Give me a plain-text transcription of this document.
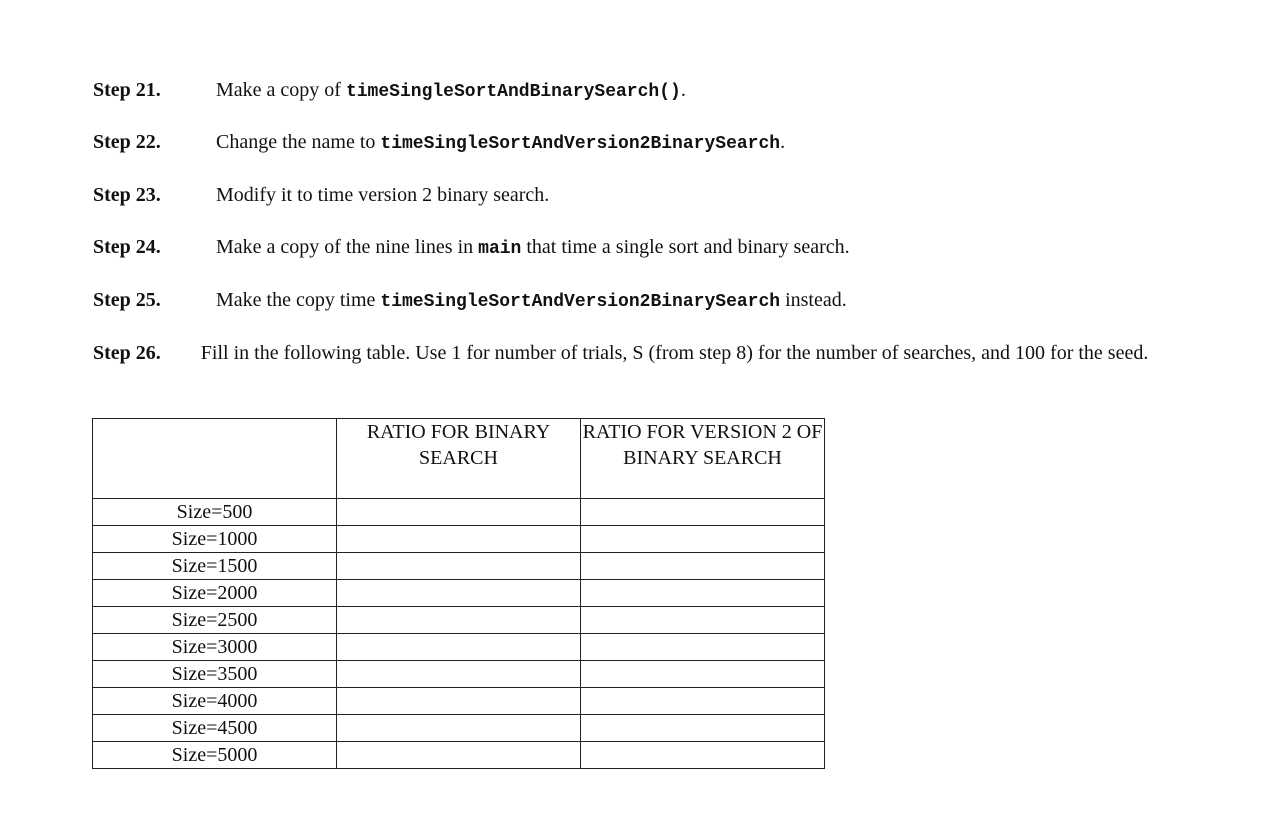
Step 21.	Make a copy of timeSingleSortAndBinarySearch().
Step 22.	Change the name to timeSingleSortAndVersion2BinarySearch.
Step 23.	Modify it to time version 2 binary search.
Step 24.	Make a copy of the nine lines in main that time a single sort and binary search.
Step 25.	Make the copy time timeSingleSortAndVersion2BinarySearch instead.
Step 26. Fill in the following table. Use 1 for number of trials, S (from step 8) for the number of searches, and 100 for the seed.
	RATIO FOR BINARY SEARCH	RATIO FOR VERSION 2 OF BINARY SEARCH
Size=500		
Size=1000		
Size=1500		
Size=2000		
Size=2500		
Size=3000		
Size=3500		
Size=4000		
Size=4500		
Size=5000		
